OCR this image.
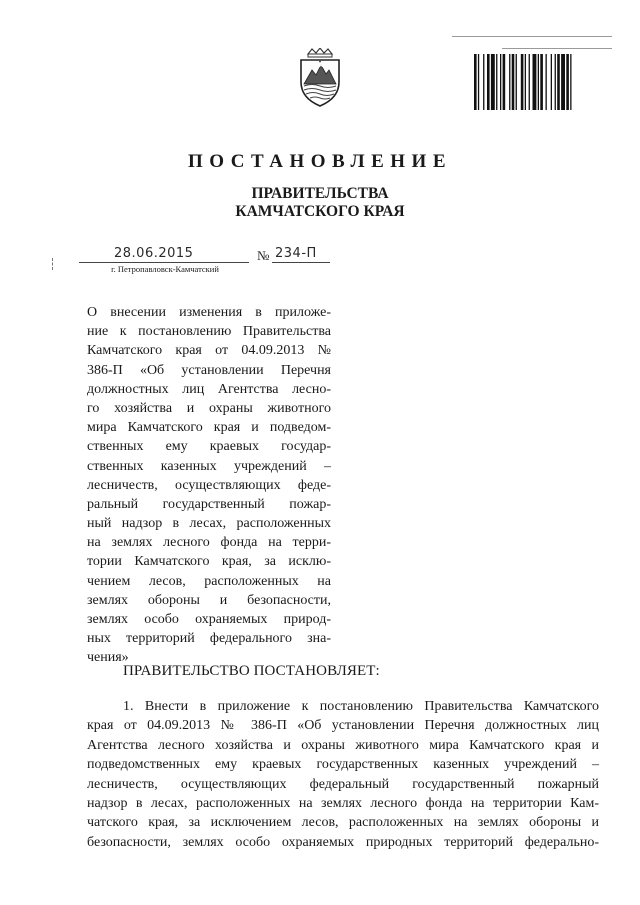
ПОСТАНОВЛЕНИЕ

ПРАВИТЕЛЬСТВА

КАМЧАТСКОГО КРАЯ

28.06.2015
г. Петропавловск-Камчатский
№ 234-П
О внесении изменения в приложе-
ние к постановлению Правительства
Камчатского края от 04.09.2013 №
386-П «Об установлении Перечня
должностных лиц Агентства лесно-
го хозяйства и охраны животного
мира Камчатского края и подведом-
ственных ему краевых государ-
ственных казенных учреждений –
лесничеств, осуществляющих феде-
ральный государственный пожар-
ный надзор в лесах, расположенных
на землях лесного фонда на терри-
тории Камчатского края, за исклю-
чением лесов, расположенных на
землях обороны и безопасности,
землях особо охраняемых природ-
ных территорий федерального зна-
чения»
ПРАВИТЕЛЬСТВО ПОСТАНОВЛЯЕТ:
1. Внести в приложение к постановлению Правительства Камчатского
края от 04.09.2013 № 386-П «Об установлении Перечня должностных лиц
Агентства лесного хозяйства и охраны животного мира Камчатского края и
подведомственных ему краевых государственных казенных учреждений –
лесничеств, осуществляющих федеральный государственный пожарный
надзор в лесах, расположенных на землях лесного фонда на территории Кам-
чатского края, за исключением лесов, расположенных на землях обороны и
безопасности, землях особо охраняемых природных территорий федерально-
